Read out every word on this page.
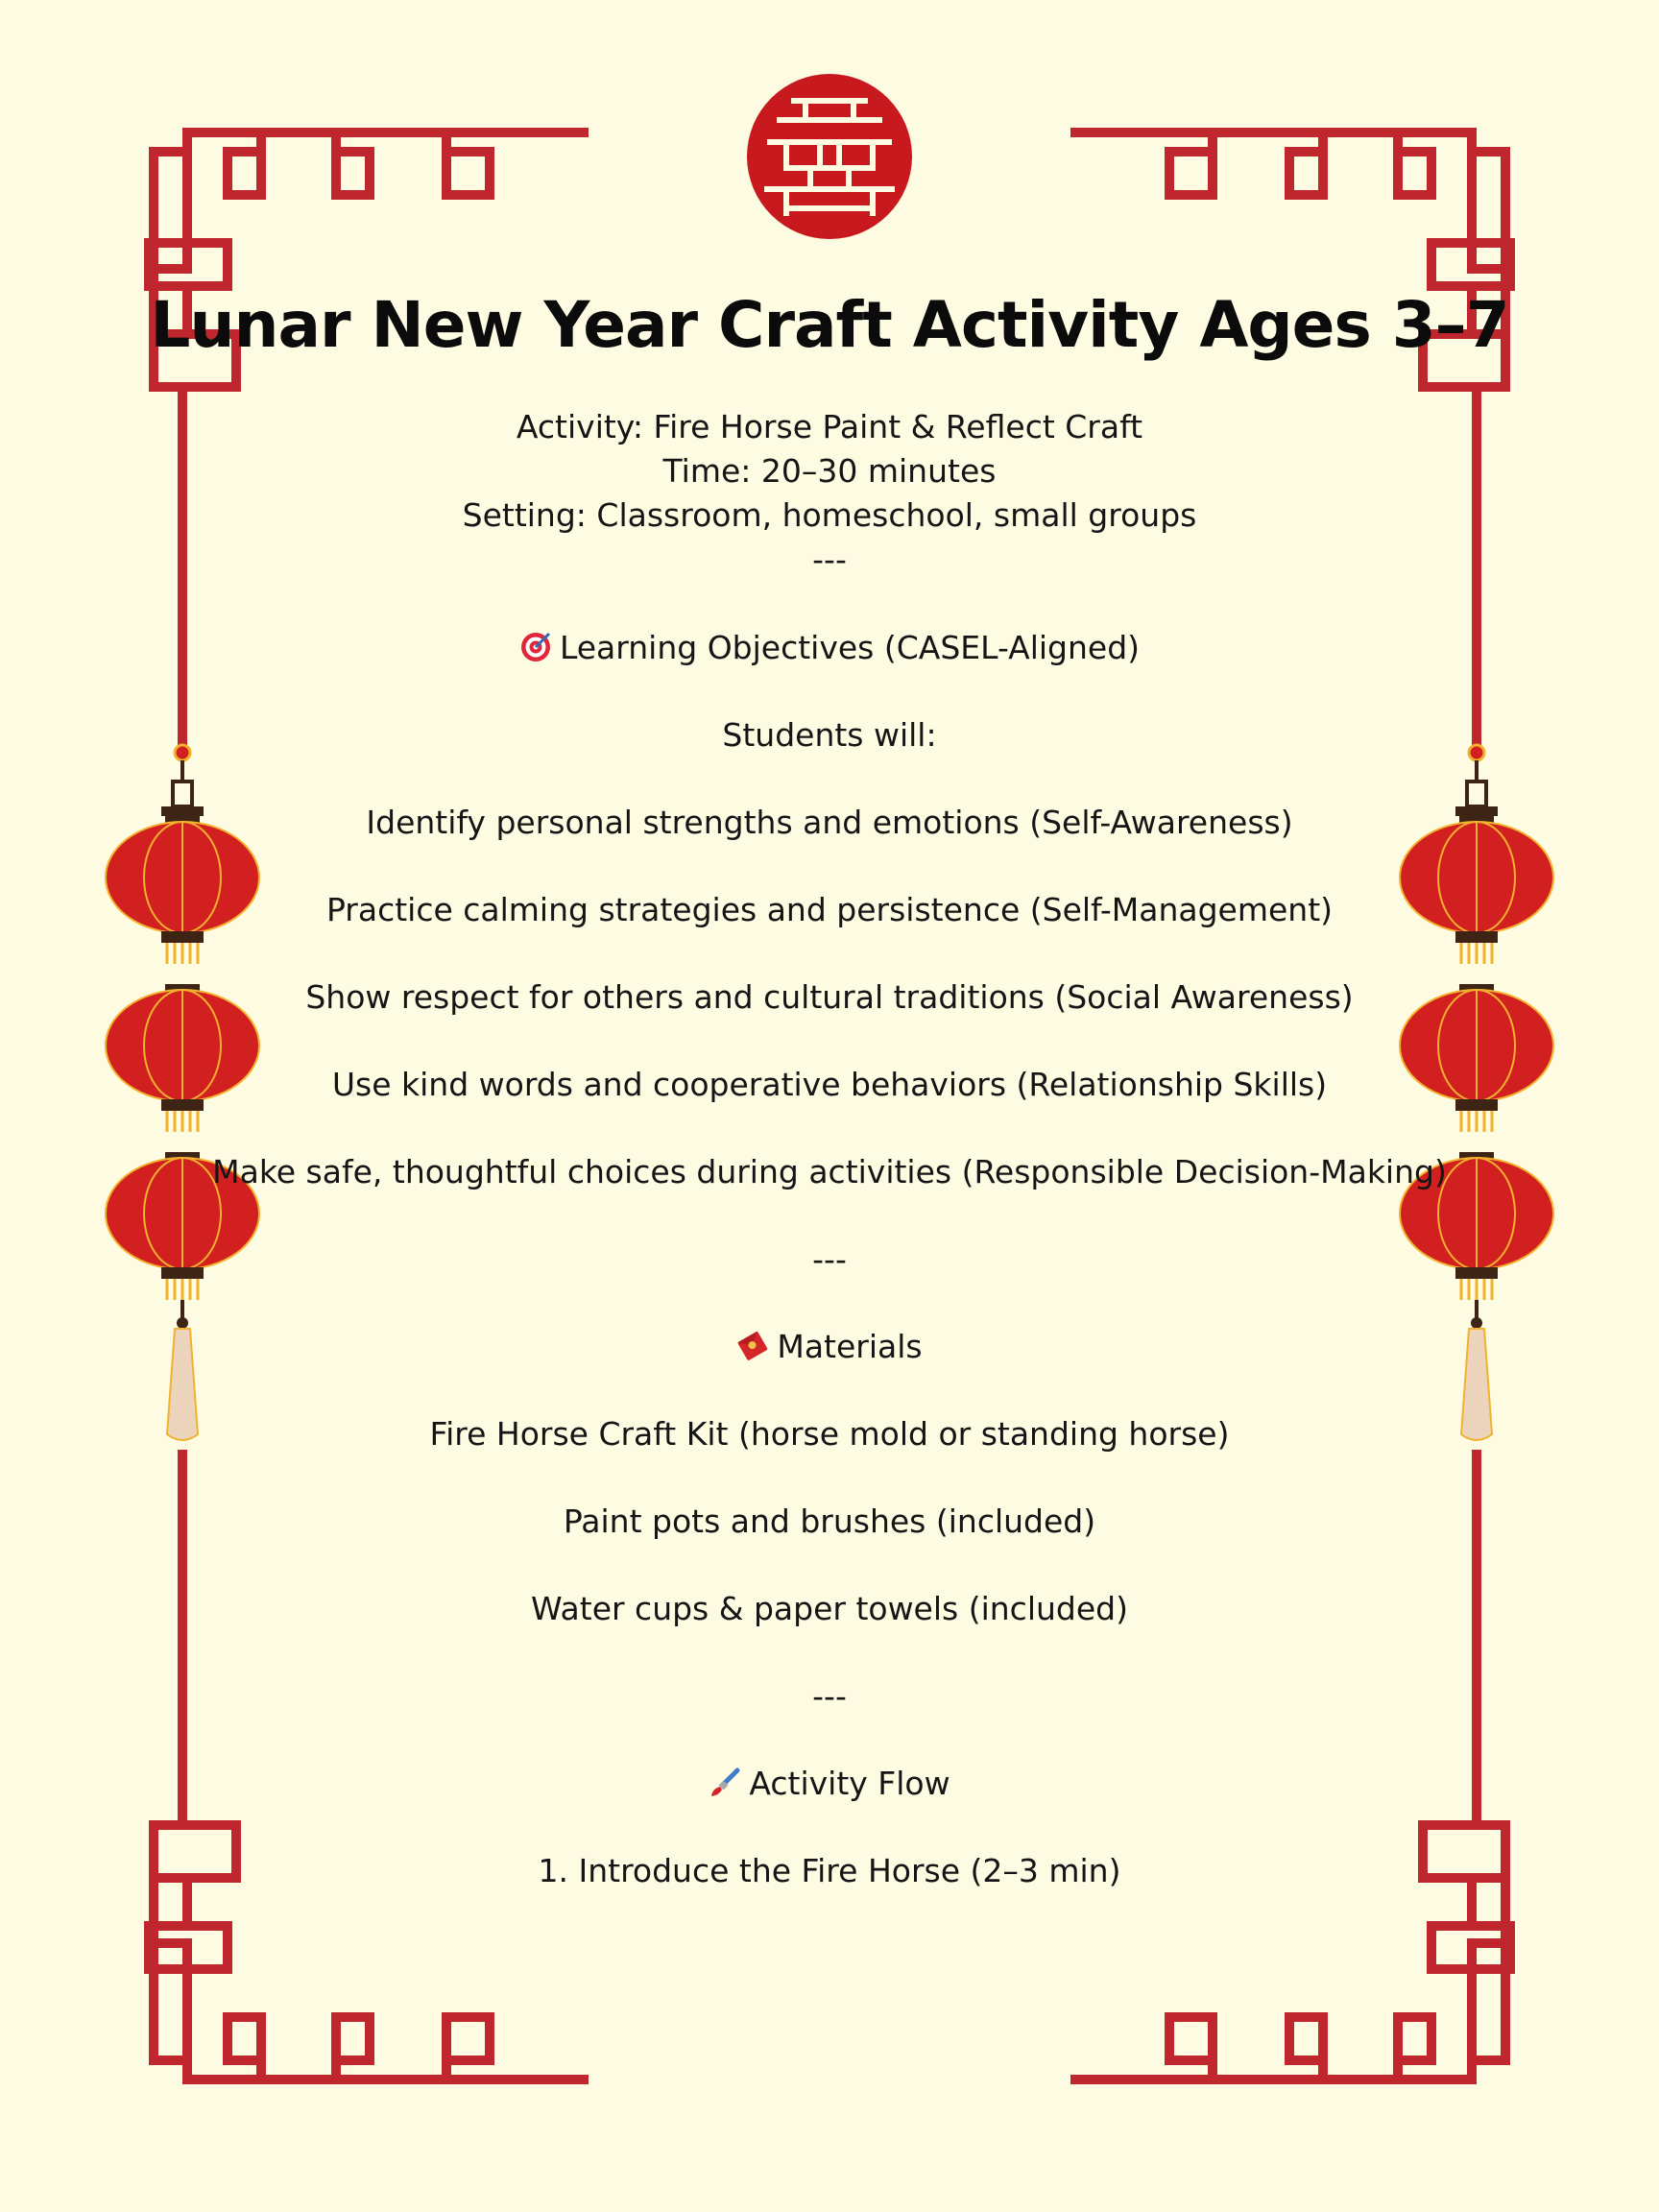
Lunar New Year Craft Activity Ages 3–7
Activity: Fire Horse Paint & Reflect Craft
Time: 20–30 minutes
Setting: Classroom, homeschool, small groups
---
Learning Objectives (CASEL-Aligned)
Students will:
Identify personal strengths and emotions (Self-Awareness)
Practice calming strategies and persistence (Self-Management)
Show respect for others and cultural traditions (Social Awareness)
Use kind words and cooperative behaviors (Relationship Skills)
Make safe, thoughtful choices during activities (Responsible Decision-Making)
---
Materials
Fire Horse Craft Kit (horse mold or standing horse)
Paint pots and brushes (included)
Water cups & paper towels (included)
---
Activity Flow
1. Introduce the Fire Horse (2–3 min)
